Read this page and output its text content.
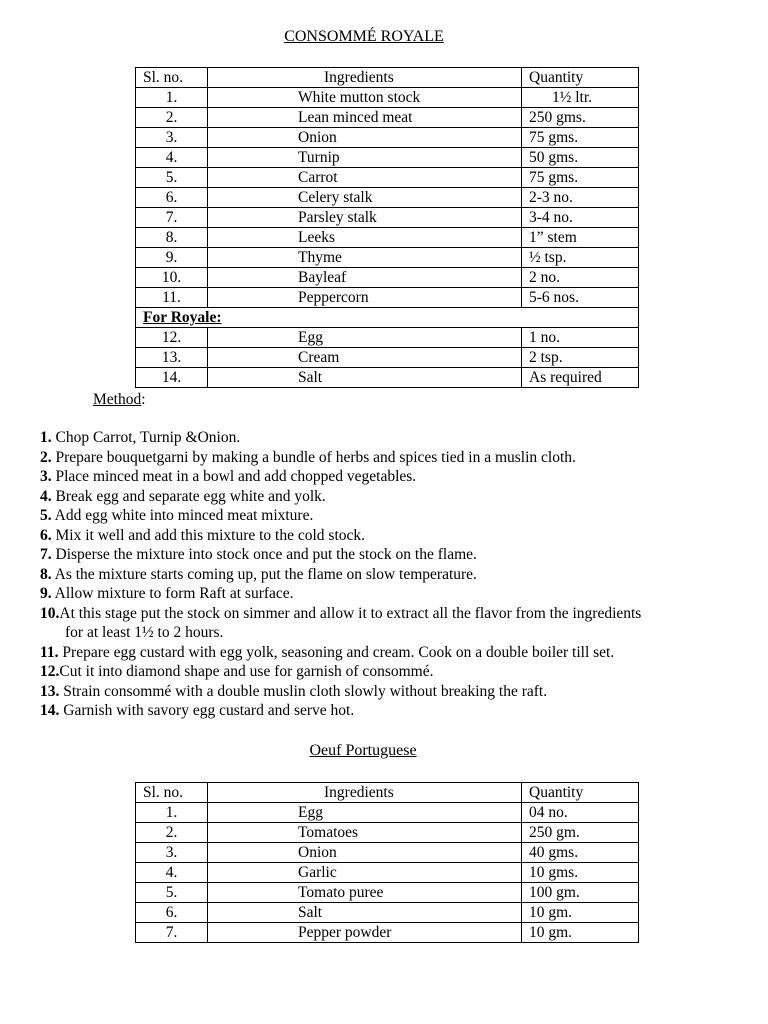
CONSOMMÉ ROYALE
Sl. no.	Ingredients	Quantity
1.	White mutton stock	1½ ltr.
2.	Lean minced meat	250 gms.
3.	Onion	75 gms.
4.	Turnip	50 gms.
5.	Carrot	75 gms.
6.	Celery stalk	2-3 no.
7.	Parsley stalk	3-4 no.
8.	Leeks	1” stem
9.	Thyme	½ tsp.
10.	Bayleaf	2 no.
11.	Peppercorn	5-6 nos.
For Royale:		
12.	Egg	1 no.
13.	Cream	2 tsp.
14.	Salt	As required
Method:
1. Chop Carrot, Turnip &Onion.
2. Prepare bouquetgarni by making a bundle of herbs and spices tied in a muslin cloth.
3. Place minced meat in a bowl and add chopped vegetables.
4. Break egg and separate egg white and yolk.
5. Add egg white into minced meat mixture.
6. Mix it well and add this mixture to the cold stock.
7. Disperse the mixture into stock once and put the stock on the flame.
8. As the mixture starts coming up, put the flame on slow temperature.
9. Allow mixture to form Raft at surface.
10.At this stage put the stock on simmer and allow it to extract all the flavor from the ingredients
for at least 1½ to 2 hours.
11. Prepare egg custard with egg yolk, seasoning and cream. Cook on a double boiler till set.
12.Cut it into diamond shape and use for garnish of consommé.
13. Strain consommé with a double muslin cloth slowly without breaking the raft.
14. Garnish with savory egg custard and serve hot.
Oeuf Portuguese
Sl. no.	Ingredients	Quantity
1.	Egg	04 no.
2.	Tomatoes	250 gm.
3.	Onion	40 gms.
4.	Garlic	10 gms.
5.	Tomato puree	100 gm.
6.	Salt	10 gm.
7.	Pepper powder	10 gm.
